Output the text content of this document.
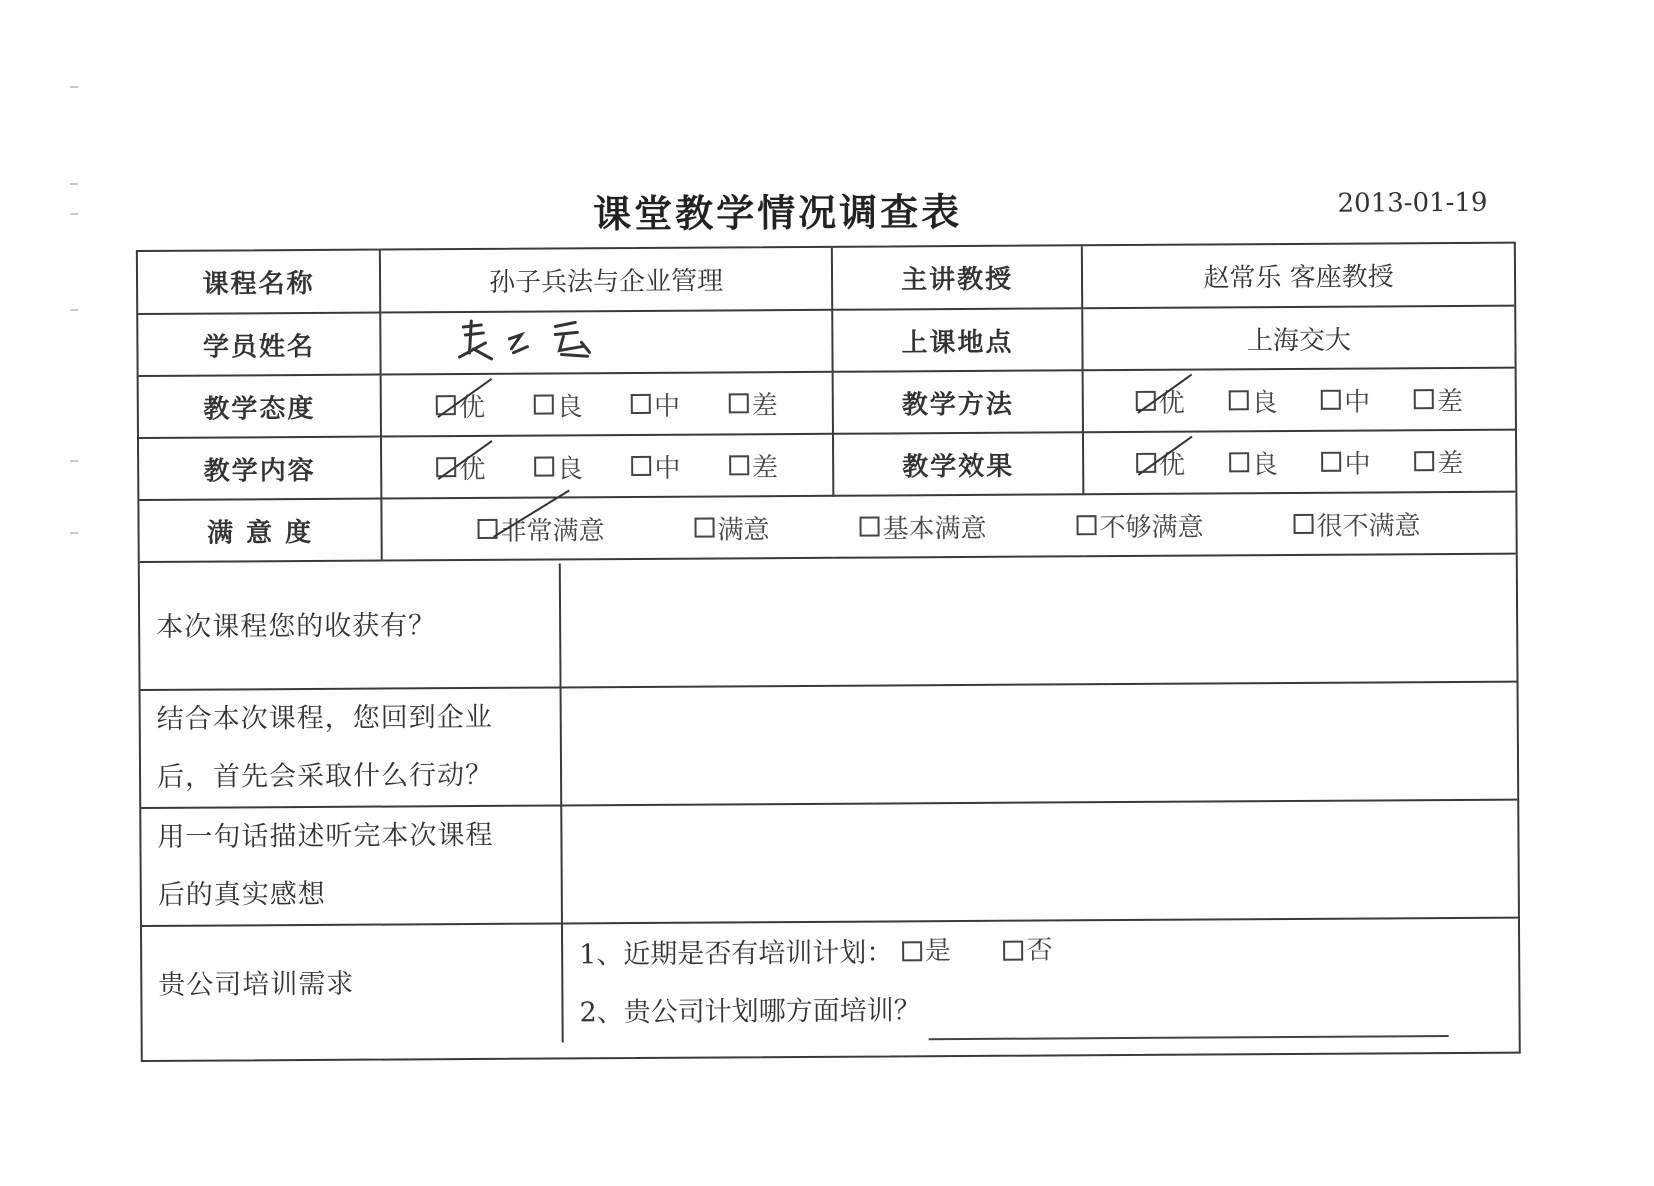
课堂教学情况调查表	2013-01-19
课程名称	孙子兵法与企业管理	主讲教授	赵常乐 客座教授
学员姓名		上课地点	上海交大
教学态度	优 良 中 差	教学方法	优 良 中 差

教学内容	优 良 中 差	教学效果	优 良 中 差

满 意 度	非常满意 满意 基本满意 不够满意 很不满意		
本次课程您的收获有？	

结合本次课程，您回到企业
后，首先会采取什么行动？	

用一句话描述听完本次课程
后的真实感想	

贵公司培训需求	1、近期是否有培训计划： 是
否
2、贵公司计划哪方面培训？
